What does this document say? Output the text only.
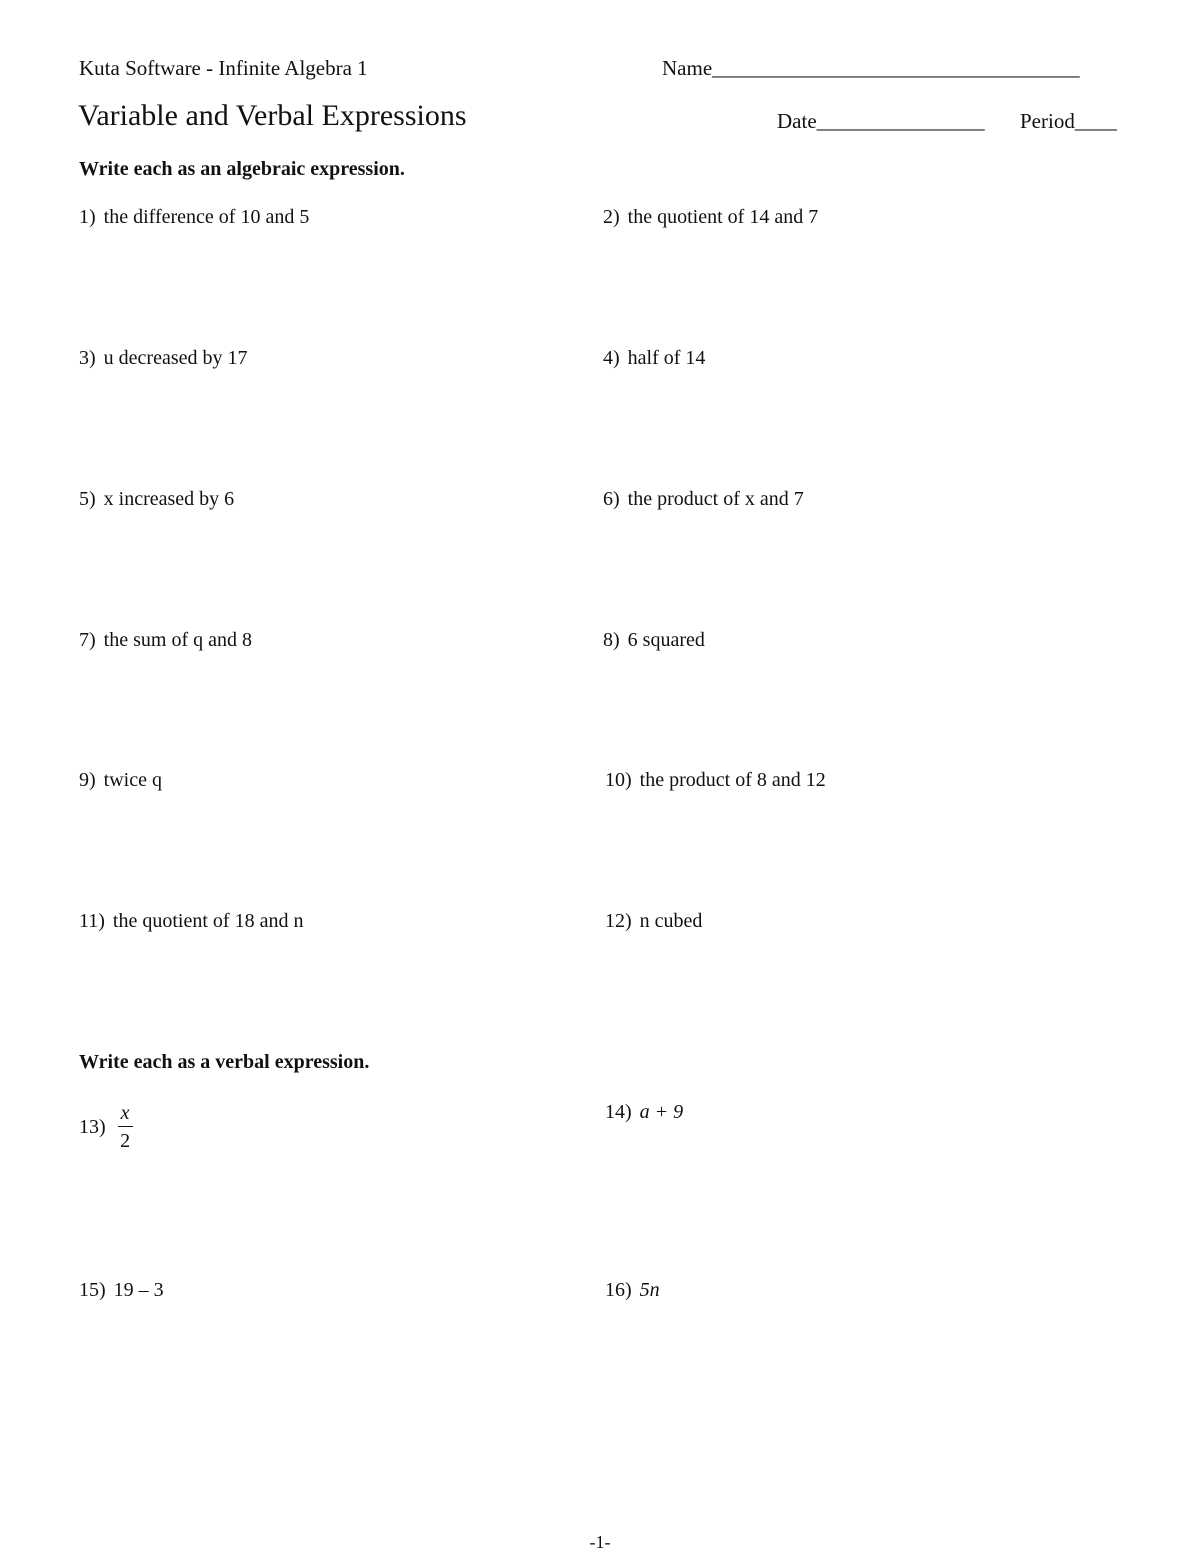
Kuta Software - Infinite Algebra 1	Name___________________________________
Variable and Verbal Expressions	Date________________ Period____
Write each as an algebraic expression.
1) the difference of 10 and 5	2) the quotient of 14 and 7
3) u decreased by 17	4) half of 14
5) x increased by 6	6) the product of x and 7
7) the sum of q and 8	8) 6 squared
9) twice q	10) the product of 8 and 12
11) the quotient of 18 and n	12) n cubed
Write each as a verbal expression.
$13) \frac{x}{2}$	14) a + 9
15) 19 – 3	16) 5n
-1-
